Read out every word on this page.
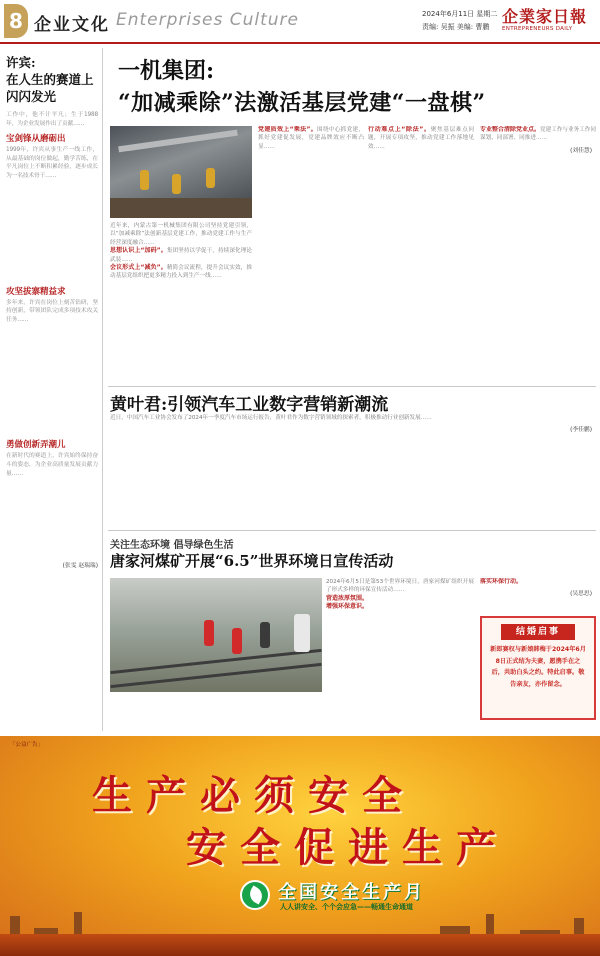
8 企业文化 Enterprises Culture	2024年6月11日 星期二
责编: 吴振 美编: 曹鹏
企業家日報
ENTREPRENEURS DAILY
许宾:
在人生的赛道上
闪闪发光
工作中，他不计平凡；生于1988年，为企业发展作出了贡献……
宝剑锋从磨砺出
1999年，许宾从事生产一线工作，从最基础的岗位做起，勤学苦练，在平凡岗位上不断积累经验，逐步成长为一名技术骨干……
攻坚拔寨精益求
多年来，许宾在岗位上刻苦钻研，坚持创新，带领团队完成多项技术攻关任务……
勇做创新弄潮儿
在新时代的赛道上，许宾始终保持奋斗的姿态，为企业高质量发展贡献力量……
(张雯 赵瑞瑞)
一机集团:
“加减乘除”法激活基层党建“一盘棋”
近年来，内蒙古第一机械集团有限公司坚持党建引领，以“加减乘除”法创新基层党建工作，推动党建工作与生产经营深度融合……
思想认识上“加码”。集团坚持以学促干，持续深化理论武装……
会议形式上“减负”。精简会议流程，提升会议实效，推动基层党组织把更多精力投入到生产一线……
党建质效上“乘法”。围绕中心抓党建，抓好党建促发展，党建品牌效应不断凸显……
行动难点上“除法”。聚焦基层难点问题，开展专项攻坚，推动党建工作落地见效……
专业整合清除党业点。党建工作与业务工作同谋划、同部署、同推进……
(刘佳慧)
黄叶君:引领汽车工业数字营销新潮流
近日，中国汽车工业协会发布了2024年一季度汽车市场运行报告，黄叶君作为数字营销领域的探索者，积极推动行业创新发展……
(李佳鹏)
关注生态环境 倡导绿色生活
唐家河煤矿开展“6.5”世界环境日宣传活动
2024年6月5日是第53个世界环境日，唐家河煤矿组织开展了形式多样的环保宣传活动……
营造浓厚氛围。
增强环保意识。
落实环保行动。
(吴思思)
结婚启事
新郎赛权与新娘韩梅于2024年6月8日正式结为夫妻，愿携手在之后，共助白头之约。特此启事。敬告亲友，亦作留念。
「公益广告」
生产必须安全
安全促进生产
全国安全生产月
人人讲安全、个个会应急——畅通生命通道
